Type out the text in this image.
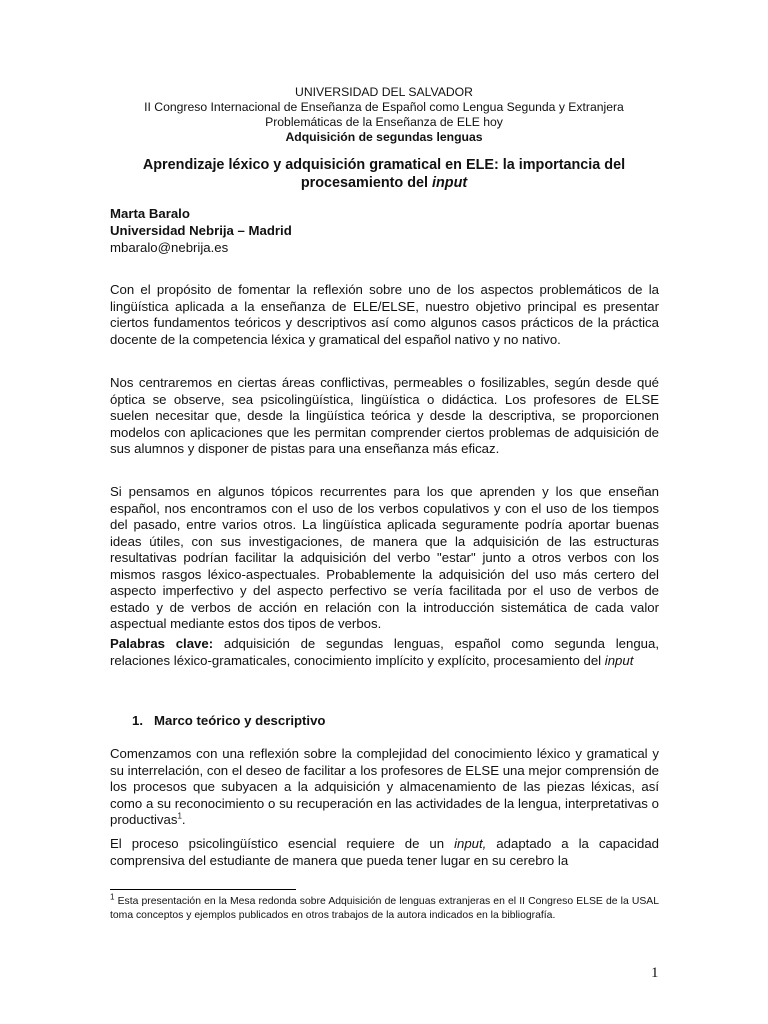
UNIVERSIDAD DEL SALVADOR
II Congreso Internacional de Enseñanza de Español como Lengua Segunda y Extranjera
Problemáticas de la Enseñanza de ELE hoy
Adquisición de segundas lenguas
Aprendizaje léxico y adquisición gramatical en ELE: la importancia del procesamiento del input
Marta Baralo
Universidad Nebrija – Madrid
mbaralo@nebrija.es

Con el propósito de fomentar la reflexión sobre uno de los aspectos problemáticos de la lingüística aplicada a la enseñanza de ELE/ELSE, nuestro objetivo principal es presentar ciertos fundamentos teóricos y descriptivos así como algunos casos prácticos de la práctica docente de la competencia léxica y gramatical del español nativo y no nativo.

Nos centraremos en ciertas áreas conflictivas, permeables o fosilizables, según desde qué óptica se observe, sea psicolingüística, lingüística o didáctica. Los profesores de ELSE suelen necesitar que, desde la lingüística teórica y desde la descriptiva, se proporcionen modelos con aplicaciones que les permitan comprender ciertos problemas de adquisición de sus alumnos y disponer de pistas para una enseñanza más eficaz.

Si pensamos en algunos tópicos recurrentes para los que aprenden y los que enseñan español, nos encontramos con el uso de los verbos copulativos y con el uso de los tiempos del pasado, entre varios otros. La lingüística aplicada seguramente podría aportar buenas ideas útiles, con sus investigaciones, de manera que la adquisición de las estructuras resultativas podrían facilitar la adquisición del verbo "estar" junto a otros verbos con los mismos rasgos léxico-aspectuales. Probablemente la adquisición del uso más certero del aspecto imperfectivo y del aspecto perfectivo se vería facilitada por el uso de verbos de estado y de verbos de acción en relación con la introducción sistemática de cada valor aspectual mediante estos dos tipos de verbos.

Palabras clave: adquisición de segundas lenguas, español como segunda lengua, relaciones léxico-gramaticales, conocimiento implícito y explícito, procesamiento del input

1. Marco teórico y descriptivo

Comenzamos con una reflexión sobre la complejidad del conocimiento léxico y gramatical y su interrelación, con el deseo de facilitar a los profesores de ELSE una mejor comprensión de los procesos que subyacen a la adquisición y almacenamiento de las piezas léxicas, así como a su reconocimiento o su recuperación en las actividades de la lengua, interpretativas o productivas$^1$.

El proceso psicolingüístico esencial requiere de un input, adaptado a la capacidad comprensiva del estudiante de manera que pueda tener lugar en su cerebro la

$^1$ Esta presentación en la Mesa redonda sobre Adquisición de lenguas extranjeras en el II Congreso ELSE de la USAL toma conceptos y ejemplos publicados en otros trabajos de la autora indicados en la bibliografía.
1
